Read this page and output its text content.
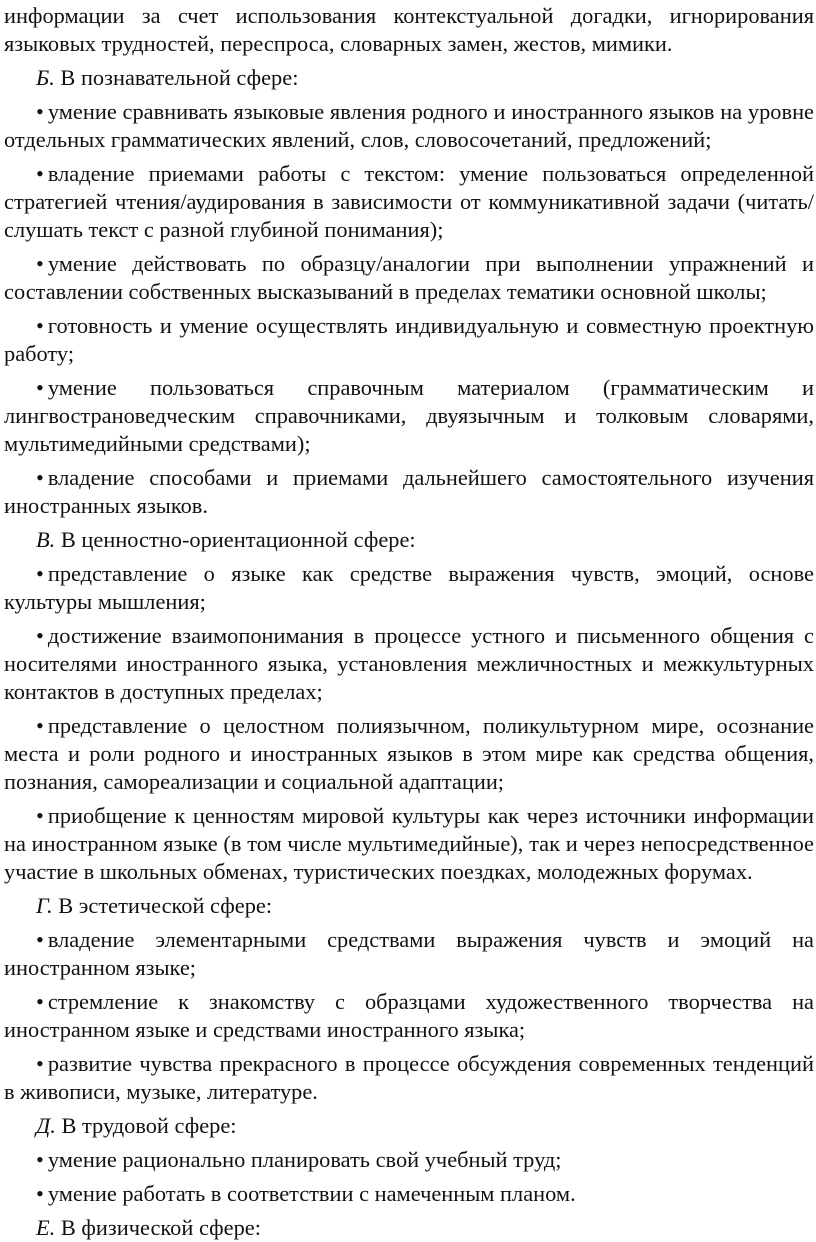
информации за счет использования контекстуальной догадки, игнорирования языковых трудностей, переспроса, словарных замен, жестов, мимики.

Б. В познавательной сфере:

• умение сравнивать языковые явления родного и иностранного языков на уровне отдельных грамматических явлений, слов, словосочетаний, предложений;

• владение приемами работы с текстом: умение пользоваться определенной стратегией чтения/аудирования в зависимости от коммуникативной задачи (читать/слушать текст с разной глубиной понимания);

• умение действовать по образцу/аналогии при выполнении упражнений и составлении собственных высказываний в пределах тематики основной школы;

• готовность и умение осуществлять индивидуальную и совместную проектную работу;

• умение пользоваться справочным материалом (грамматическим и лингвострановедческим справочниками, двуязычным и толковым словарями, мультимедийными средствами);

• владение способами и приемами дальнейшего самостоятельного изучения иностранных языков.

В. В ценностно-ориентационной сфере:

• представление о языке как средстве выражения чувств, эмоций, основе культуры мышления;

• достижение взаимопонимания в процессе устного и письменного общения с носителями иностранного языка, установления межличностных и межкультурных контактов в доступных пределах;

• представление о целостном полиязычном, поликультурном мире, осознание места и роли родного и иностранных языков в этом мире как средства общения, познания, самореализации и социальной адаптации;

• приобщение к ценностям мировой культуры как через источники информации на иностранном языке (в том числе мультимедийные), так и через непосредственное участие в школьных обменах, туристических поездках, молодежных форумах.

Г. В эстетической сфере:

• владение элементарными средствами выражения чувств и эмоций на иностранном языке;

• стремление к знакомству с образцами художественного творчества на иностранном языке и средствами иностранного языка;

• развитие чувства прекрасного в процессе обсуждения современных тенденций в живописи, музыке, литературе.

Д. В трудовой сфере:

• умение рационально планировать свой учебный труд;

• умение работать в соответствии с намеченным планом.

Е. В физической сфере:
